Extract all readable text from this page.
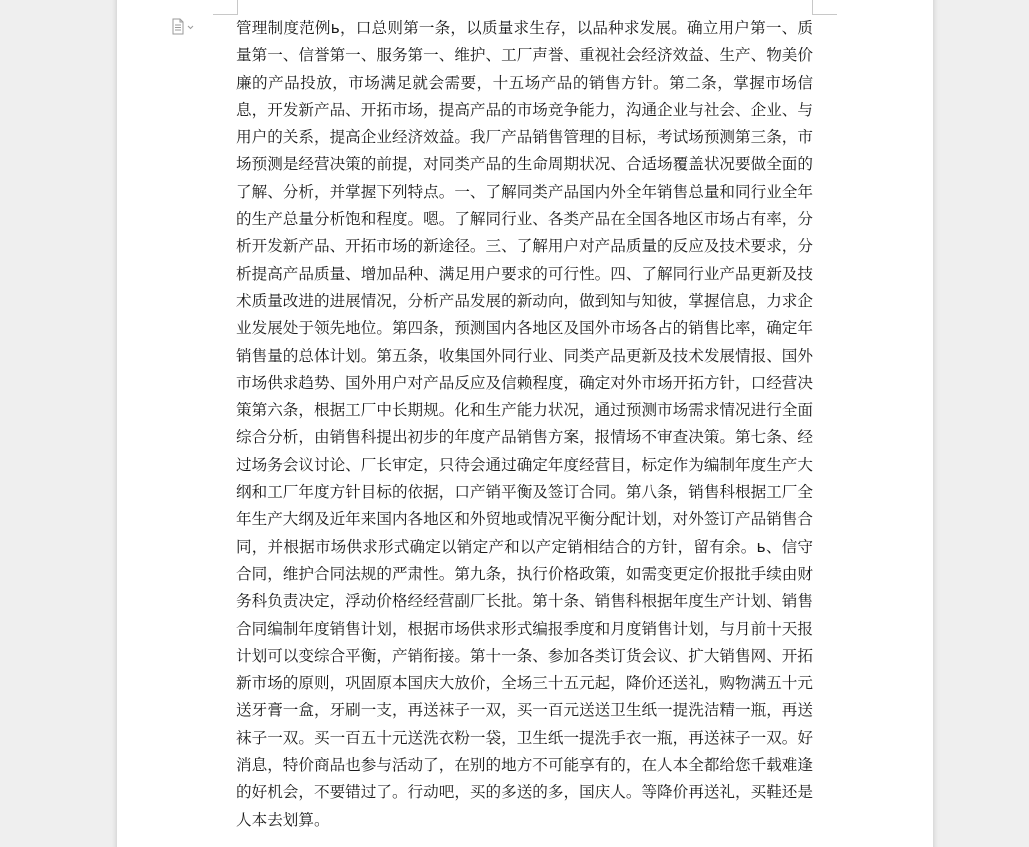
管理制度范例ь，口总则第一条，以质量求生存，以品种求发展。确立用户第一、质量第一、信誉第一、服务第一、维护、工厂声誉、重视社会经济效益、生产、物美价廉的产品投放，市场满足就会需要，十五场产品的销售方针。第二条，掌握市场信息，开发新产品、开拓市场，提高产品的市场竞争能力，沟通企业与社会、企业、与用户的关系，提高企业经济效益。我厂产品销售管理的目标，考试场预测第三条，市场预测是经营决策的前提，对同类产品的生命周期状况、合适场覆盖状况要做全面的了解、分析，并掌握下列特点。一、了解同类产品国内外全年销售总量和同行业全年的生产总量分析饱和程度。嗯。了解同行业、各类产品在全国各地区市场占有率，分析开发新产品、开拓市场的新途径。三、了解用户对产品质量的反应及技术要求，分析提高产品质量、增加品种、满足用户要求的可行性。四、了解同行业产品更新及技术质量改进的进展情况，分析产品发展的新动向，做到知与知彼，掌握信息，力求企业发展处于领先地位。第四条，预测国内各地区及国外市场各占的销售比率，确定年销售量的总体计划。第五条，收集国外同行业、同类产品更新及技术发展情报、国外市场供求趋势、国外用户对产品反应及信赖程度，确定对外市场开拓方针，口经营决策第六条，根据工厂中长期规。化和生产能力状况，通过预测市场需求情况进行全面综合分析，由销售科提出初步的年度产品销售方案，报情场不审查决策。第七条、经过场务会议讨论、厂长审定，只待会通过确定年度经营目，标定作为编制年度生产大纲和工厂年度方针目标的依据，口产销平衡及签订合同。第八条，销售科根据工厂全年生产大纲及近年来国内各地区和外贸地或情况平衡分配计划，对外签订产品销售合同，并根据市场供求形式确定以销定产和以产定销相结合的方针，留有余。ь、信守合同，维护合同法规的严肃性。第九条，执行价格政策，如需变更定价报批手续由财务科负责决定，浮动价格经经营副厂长批。第十条、销售科根据年度生产计划、销售合同编制年度销售计划，根据市场供求形式编报季度和月度销售计划，与月前十天报计划可以变综合平衡，产销衔接。第十一条、参加各类订货会议、扩大销售网、开拓新市场的原则，巩固原本国庆大放价，全场三十五元起，降价还送礼，购物满五十元送牙膏一盒，牙刷一支，再送袜子一双，买一百元送送卫生纸一提洗洁精一瓶，再送袜子一双。买一百五十元送洗衣粉一袋，卫生纸一提洗手衣一瓶，再送袜子一双。好消息，特价商品也参与活动了，在别的地方不可能享有的，在人本全都给您千载难逢的好机会，不要错过了。行动吧，买的多送的多，国庆人。等降价再送礼，买鞋还是人本去划算。
